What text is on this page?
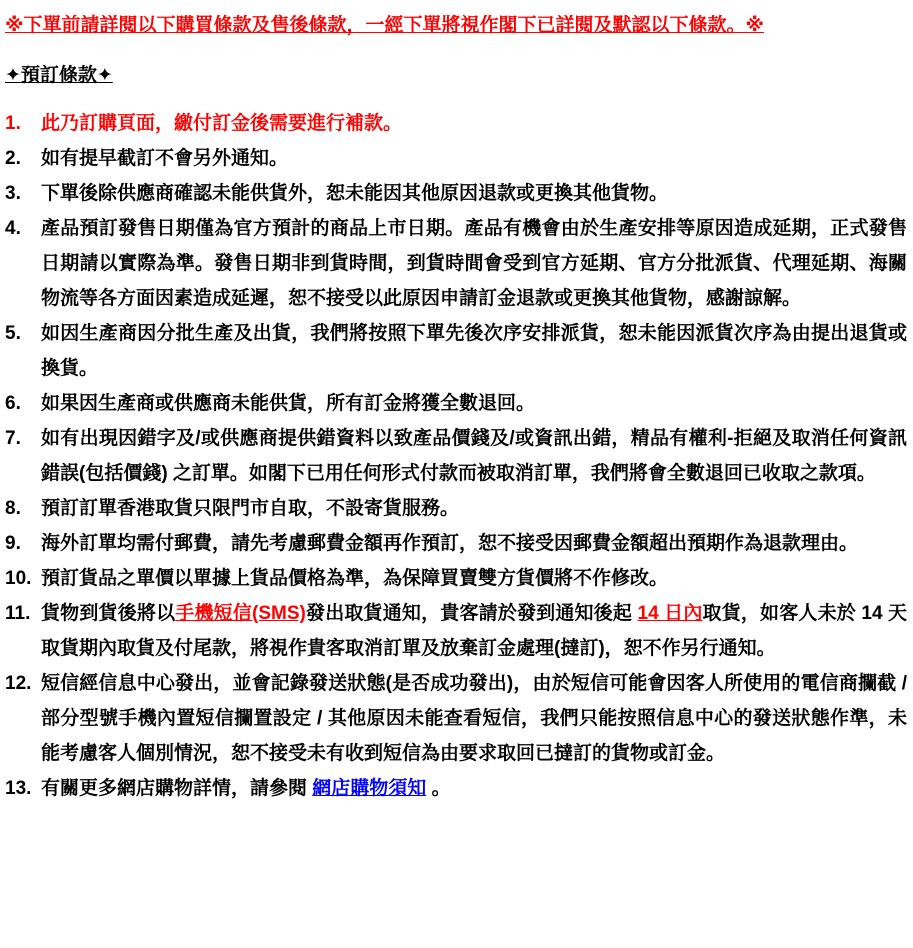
※下單前請詳閱以下購買條款及售後條款，一經下單將視作閣下已詳閱及默認以下條款。※
✦預訂條款✦
1.	此乃訂購頁面，繳付訂金後需要進行補款。
2.	如有提早截訂不會另外通知。
3.	下單後除供應商確認未能供貨外，恕未能因其他原因退款或更換其他貨物。
4.	產品預訂發售日期僅為官方預計的商品上市日期。產品有機會由於生產安排等原因造成延期，正式發售日期請以實際為準。發售日期非到貨時間，到貨時間會受到官方延期、官方分批派貨、代理延期、海關物流等各方面因素造成延遲，恕不接受以此原因申請訂金退款或更換其他貨物，感謝諒解。
5.	如因生產商因分批生產及出貨，我們將按照下單先後次序安排派貨，恕未能因派貨次序為由提出退貨或換貨。
6.	如果因生產商或供應商未能供貨，所有訂金將獲全數退回。
7.	如有出現因錯字及/或供應商提供錯資料以致產品價錢及/或資訊出錯，精品有權利-拒絕及取消任何資訊錯誤(包括價錢) 之訂單。如閣下已用任何形式付款而被取消訂單，我們將會全數退回已收取之款項。
8.	預訂訂單香港取貨只限門市自取，不設寄貨服務。
9.	海外訂單均需付郵費，請先考慮郵費金額再作預訂，恕不接受因郵費金額超出預期作為退款理由。
10. 預訂貨品之單價以單據上貨品價格為準，為保障買賣雙方貨價將不作修改。
11. 貨物到貨後將以手機短信(SMS)發出取貨通知，貴客請於發到通知後起 14 日內取貨，如客人未於 14 天取貨期內取貨及付尾款，將視作貴客取消訂單及放棄訂金處理(撻訂)，恕不作另行通知。
12. 短信經信息中心發出，並會記錄發送狀態(是否成功發出)，由於短信可能會因客人所使用的電信商攔截 / 部分型號手機內置短信攔置設定 / 其他原因未能查看短信，我們只能按照信息中心的發送狀態作準，未能考慮客人個別情況，恕不接受未有收到短信為由要求取回已撻訂的貨物或訂金。
13. 有關更多網店購物詳情，請參閱 網店購物須知 。
